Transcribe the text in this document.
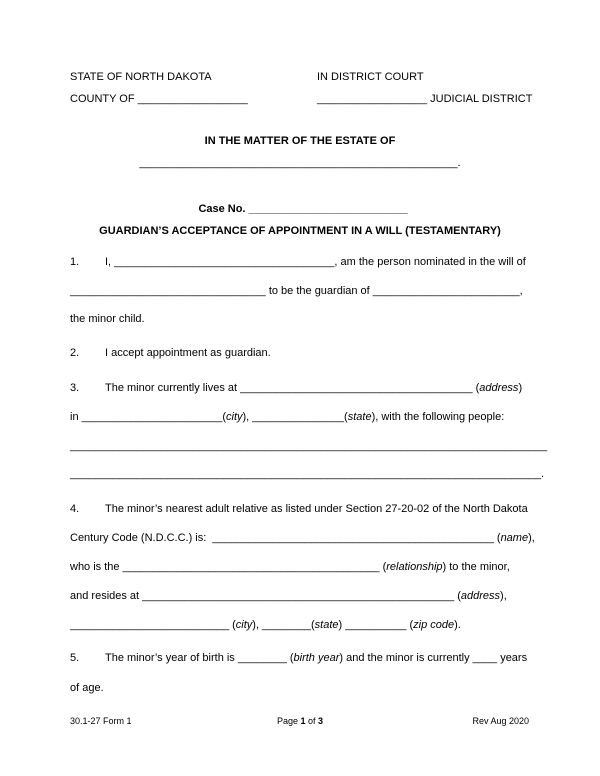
STATE OF NORTH DAKOTA	IN DISTRICT COURT
COUNTY OF __________________	__________________ JUDICIAL DISTRICT
IN THE MATTER OF THE ESTATE OF
____________________________________________________.

Case No. __________________________

GUARDIAN’S ACCEPTANCE OF APPOINTMENT IN A WILL (TESTAMENTARY)
1. I, ____________________________________, am the person nominated in the will of
________________________________ to be the guardian of ________________________,
the minor child.
2. I accept appointment as guardian.
3. The minor currently lives at ______________________________________ (address)
in _______________________(city), _______________(state), with the following people:
______________________________________________________________________________
_____________________________________________________________________________.
4. The minor’s nearest adult relative as listed under Section 27-20-02 of the North Dakota
Century Code (N.D.C.C.) is:  ______________________________________________ (name),
who is the __________________________________________ (relationship) to the minor,
and resides at ___________________________________________________ (address),
__________________________ (city), ________(state) __________ (zip code).
5. The minor’s year of birth is ________ (birth year) and the minor is currently ____ years
of age.
30.1-27 Form 1	Page 1 of 3	Rev Aug 2020
